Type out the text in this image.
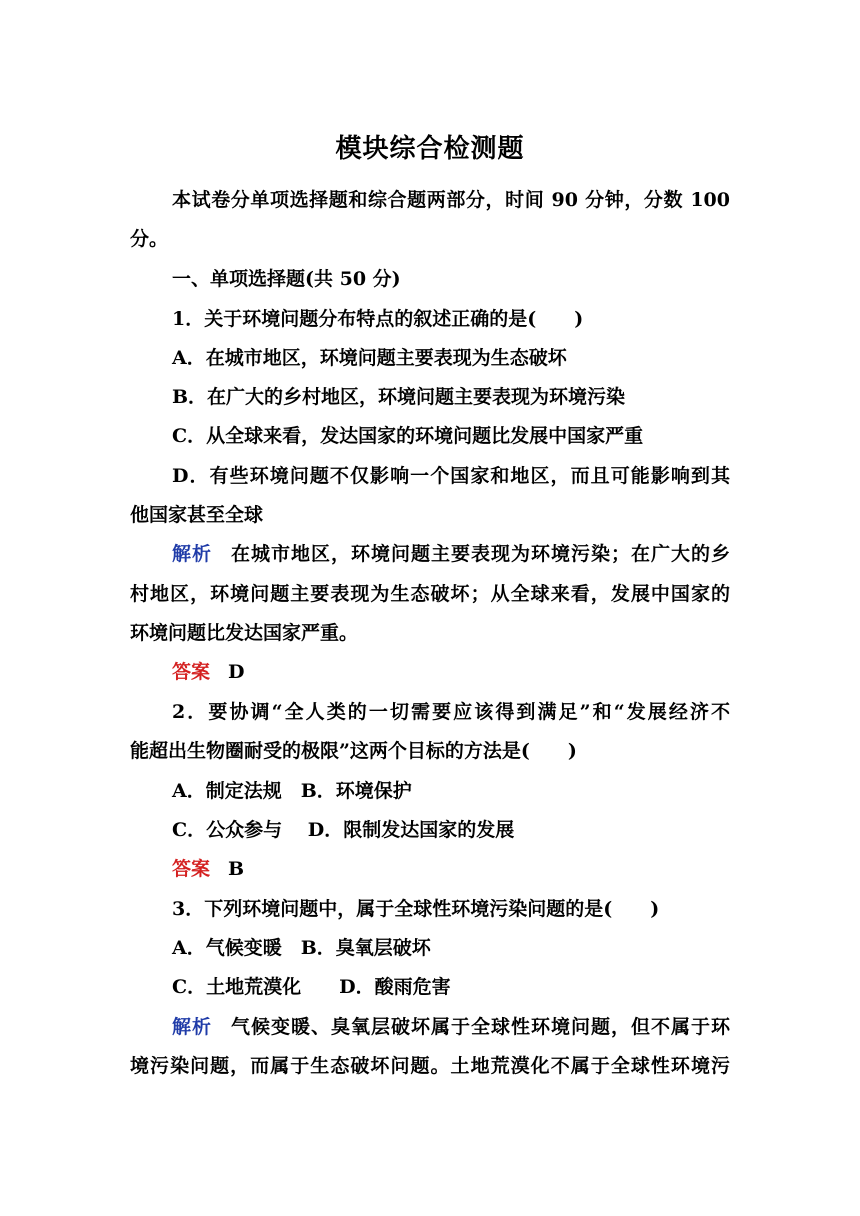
模块综合检测题
本试卷分单项选择题和综合题两部分，时间 90 分钟，分数 100
分。
一、单项选择题(共 50 分)
1．关于环境问题分布特点的叙述正确的是(　　)
A．在城市地区，环境问题主要表现为生态破坏
B．在广大的乡村地区，环境问题主要表现为环境污染
C．从全球来看，发达国家的环境问题比发展中国家严重
D．有些环境问题不仅影响一个国家和地区，而且可能影响到其
他国家甚至全球
解析 在城市地区，环境问题主要表现为环境污染；在广大的乡
村地区，环境问题主要表现为生态破坏；从全球来看，发展中国家的
环境问题比发达国家严重。
答案 D
2．要协调“全人类的一切需要应该得到满足”和“发展经济不
能超出生物圈耐受的极限”这两个目标的方法是(　　)
A．制定法规　B．环境保护
C．公众参与　 D．限制发达国家的发展
答案 B
3．下列环境问题中，属于全球性环境污染问题的是(　　)
A．气候变暖　B．臭氧层破坏
C．土地荒漠化　　D．酸雨危害
解析 气候变暖、臭氧层破坏属于全球性环境问题，但不属于环
境污染问题，而属于生态破坏问题。土地荒漠化不属于全球性环境污
